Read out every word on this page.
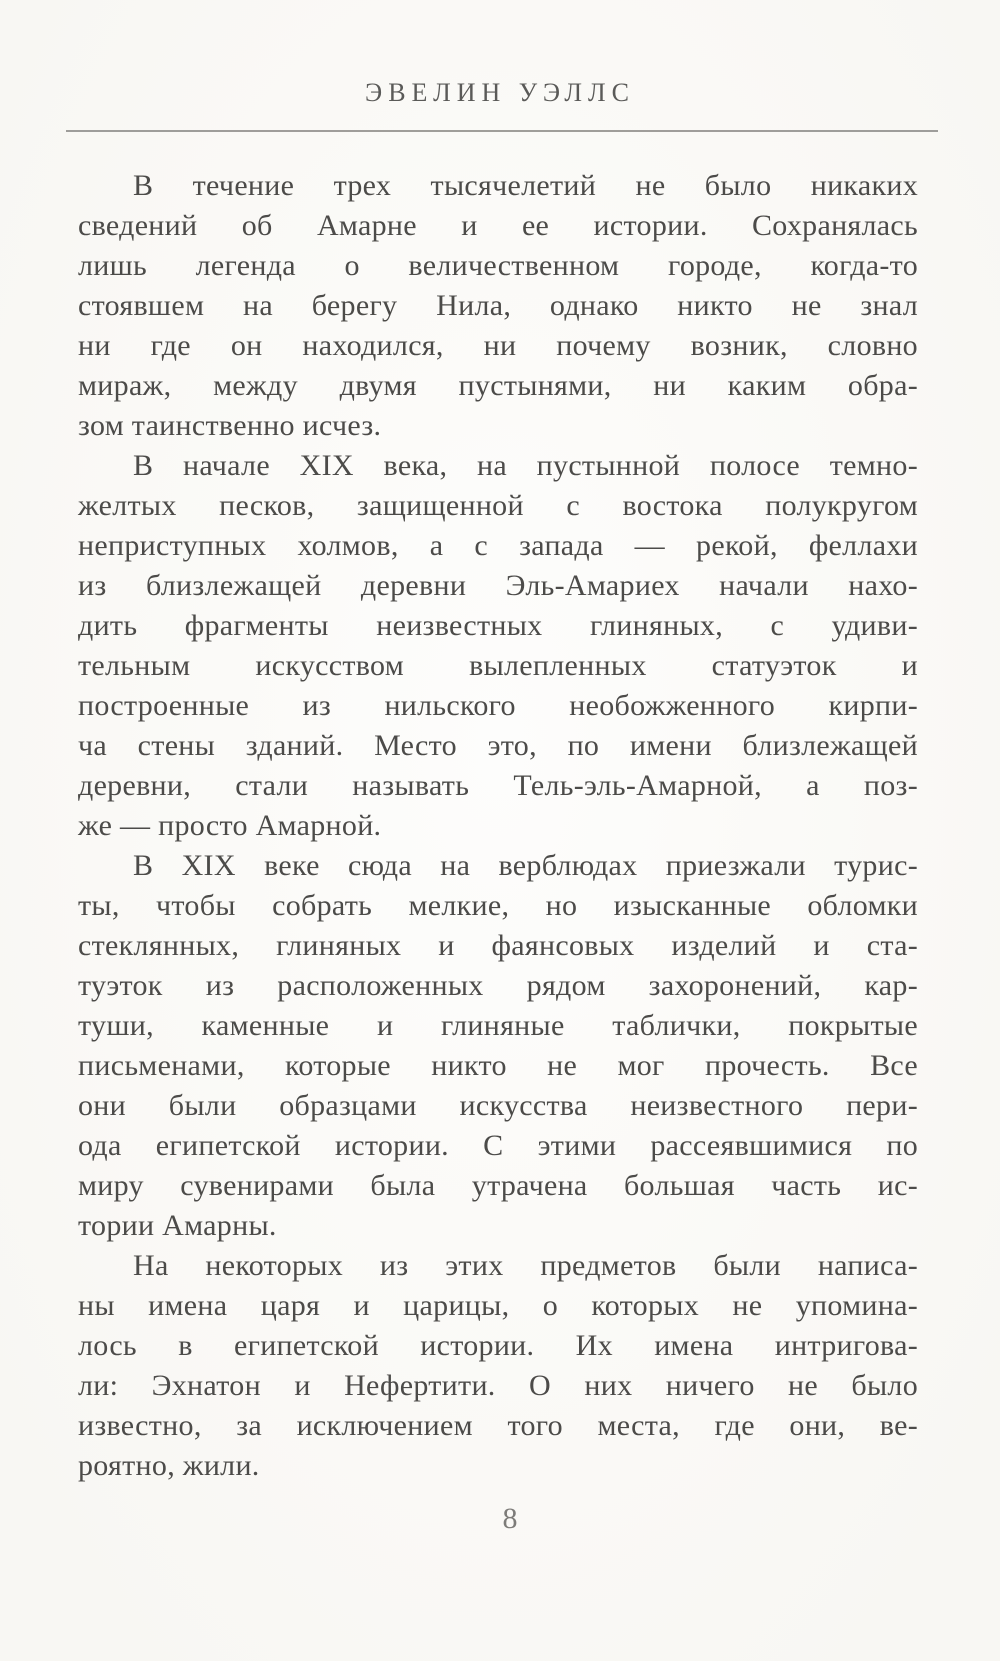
ЭВЕЛИН УЭЛЛС
В течение трех тысячелетий не было никаких
сведений об Амарне и ее истории. Сохранялась
лишь легенда о величественном городе, когда-то
стоявшем на берегу Нила, однако никто не знал
ни где он находился, ни почему возник, словно
мираж, между двумя пустынями, ни каким обра-
зом таинственно исчез.
В начале XIX века, на пустынной полосе темно-
желтых песков, защищенной с востока полукругом
неприступных холмов, а с запада — рекой, феллахи
из близлежащей деревни Эль-Амариех начали нахо-
дить фрагменты неизвестных глиняных, с удиви-
тельным искусством вылепленных статуэток и
построенные из нильского необожженного кирпи-
ча стены зданий. Место это, по имени близлежащей
деревни, стали называть Тель-эль-Амарной, а поз-
же — просто Амарной.
В XIX веке сюда на верблюдах приезжали турис-
ты, чтобы собрать мелкие, но изысканные обломки
стеклянных, глиняных и фаянсовых изделий и ста-
туэток из расположенных рядом захоронений, кар-
туши, каменные и глиняные таблички, покрытые
письменами, которые никто не мог прочесть. Все
они были образцами искусства неизвестного пери-
ода египетской истории. С этими рассеявшимися по
миру сувенирами была утрачена большая часть ис-
тории Амарны.
На некоторых из этих предметов были написа-
ны имена царя и царицы, о которых не упомина-
лось в египетской истории. Их имена интригова-
ли: Эхнатон и Нефертити. О них ничего не было
известно, за исключением того места, где они, ве-
роятно, жили.
8
